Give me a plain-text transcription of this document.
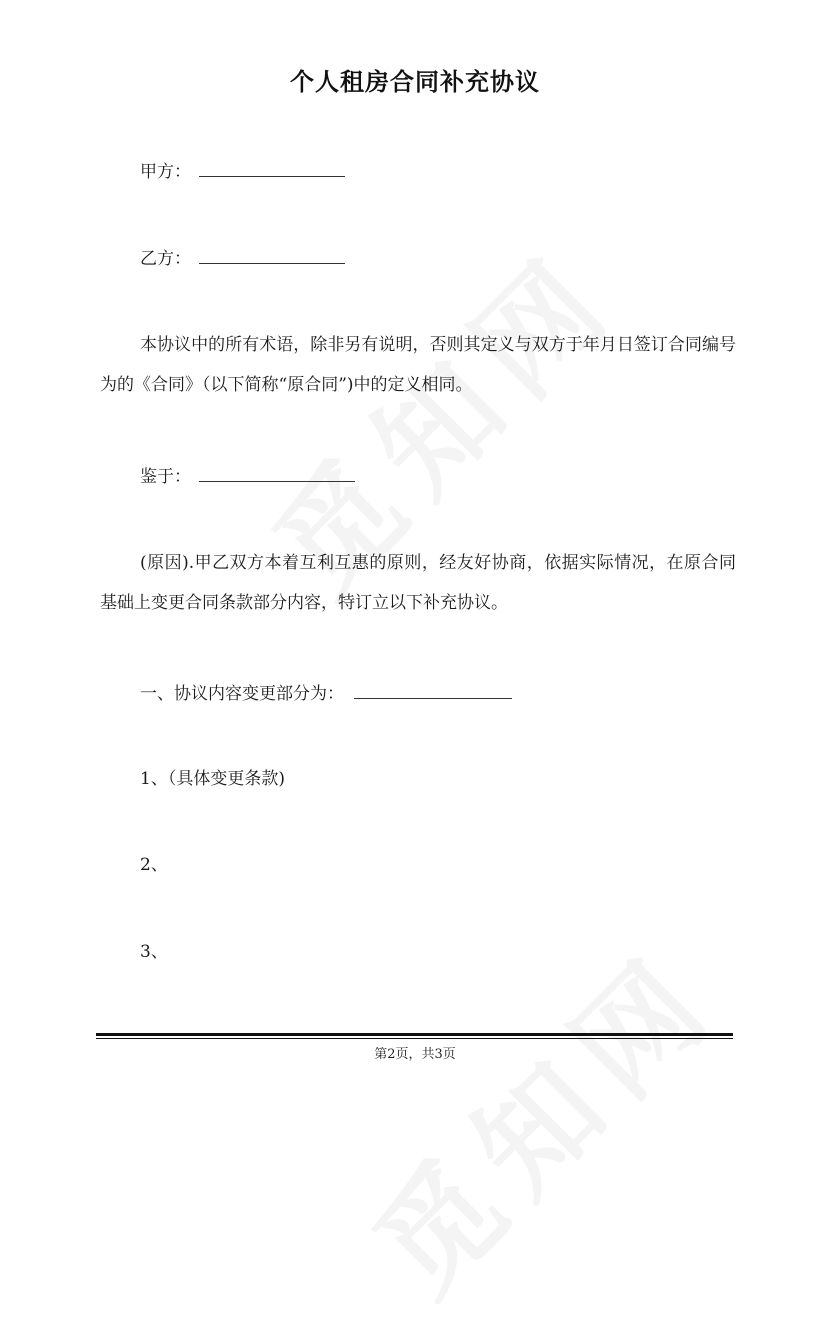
个人租房合同补充协议
甲方：
乙方：
本协议中的所有术语，除非另有说明，否则其定义与双方于年月日签订合同编号为的《合同》（以下简称“原合同”)中的定义相同。
鉴于：
(原因).甲乙双方本着互利互惠的原则，经友好协商，依据实际情况，在原合同基础上变更合同条款部分内容，特订立以下补充协议。
一、协议内容变更部分为：
1、（具体变更条款)
2、
3、
第2页，共3页
